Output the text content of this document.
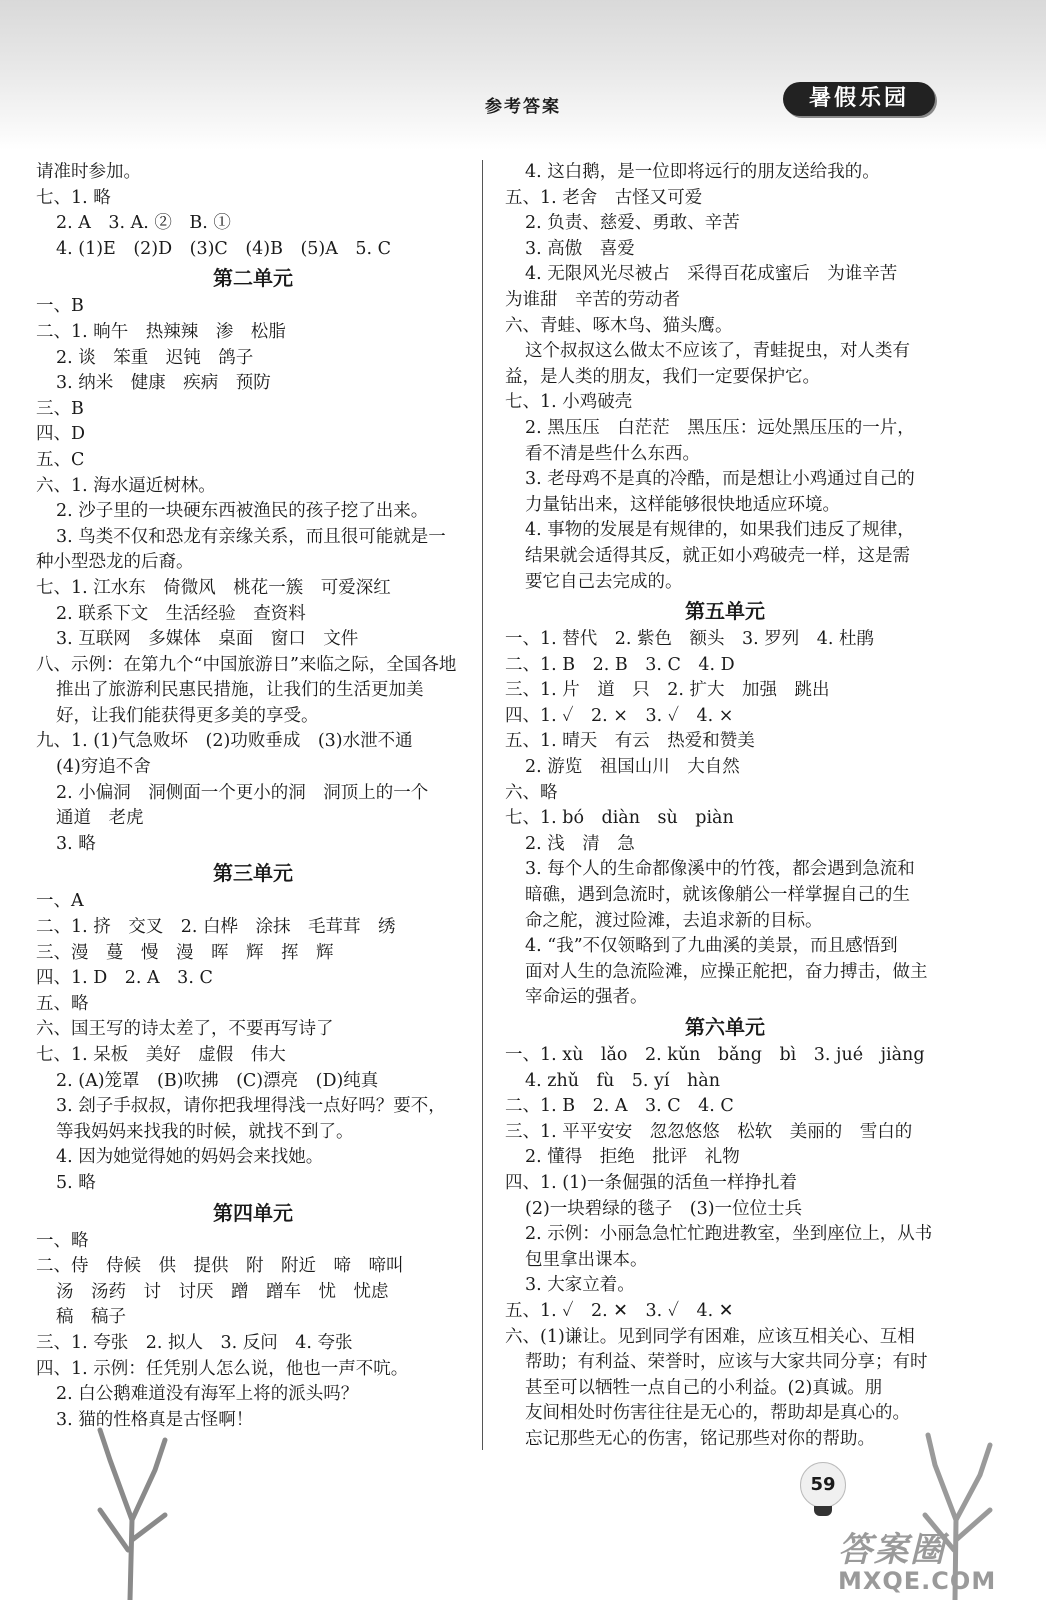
参考答案	暑假乐园
请准时参加。
七、1. 略
2. A　3. A. ②　B. ①
4. (1)E　(2)D　(3)C　(4)B　(5)A　5. C
第二单元
一、B
二、1. 晌午　热辣辣　渗　松脂
2. 谈　笨重　迟钝　鸽子
3. 纳米　健康　疾病　预防
三、B
四、D
五、C
六、1. 海水逼近树林。
2. 沙子里的一块硬东西被渔民的孩子挖了出来。
3. 鸟类不仅和恐龙有亲缘关系，而且很可能就是一
种小型恐龙的后裔。
七、1. 江水东　倚微风　桃花一簇　可爱深红
2. 联系下文　生活经验　查资料
3. 互联网　多媒体　桌面　窗口　文件
八、示例：在第九个“中国旅游日”来临之际，全国各地
推出了旅游利民惠民措施，让我们的生活更加美
好，让我们能获得更多美的享受。
九、1. (1)气急败坏　(2)功败垂成　(3)水泄不通
(4)穷追不舍
2. 小偏洞　洞侧面一个更小的洞　洞顶上的一个
通道　老虎
3. 略
第三单元
一、A
二、1. 挤　交叉　2. 白桦　涂抹　毛茸茸　绣
三、漫　蔓　慢　漫　晖　辉　挥　辉
四、1. D　2. A　3. C
五、略
六、国王写的诗太差了，不要再写诗了
七、1. 呆板　美好　虚假　伟大
2. (A)笼罩　(B)吹拂　(C)漂亮　(D)纯真
3. 刽子手叔叔，请你把我埋得浅一点好吗？要不，
等我妈妈来找我的时候，就找不到了。
4. 因为她觉得她的妈妈会来找她。
5. 略
第四单元
一、略
二、侍　侍候　供　提供　附　附近　啼　啼叫
汤　汤药　讨　讨厌　蹭　蹭车　忧　忧虑
稿　稿子
三、1. 夸张　2. 拟人　3. 反问　4. 夸张
四、1. 示例：任凭别人怎么说，他也一声不吭。
2. 白公鹅难道没有海军上将的派头吗？
3. 猫的性格真是古怪啊！
4. 这白鹅，是一位即将远行的朋友送给我的。
五、1. 老舍　古怪又可爱
2. 负责、慈爱、勇敢、辛苦
3. 高傲　喜爱
4. 无限风光尽被占　采得百花成蜜后　为谁辛苦
为谁甜　辛苦的劳动者
六、青蛙、啄木鸟、猫头鹰。
这个叔叔这么做太不应该了，青蛙捉虫，对人类有
益，是人类的朋友，我们一定要保护它。
七、1. 小鸡破壳
2. 黑压压　白茫茫　黑压压：远处黑压压的一片，
看不清是些什么东西。
3. 老母鸡不是真的冷酷，而是想让小鸡通过自己的
力量钻出来，这样能够很快地适应环境。
4. 事物的发展是有规律的，如果我们违反了规律，
结果就会适得其反，就正如小鸡破壳一样，这是需
要它自己去完成的。
第五单元
一、1. 替代　2. 紫色　额头　3. 罗列　4. 杜鹃
二、1. B　2. B　3. C　4. D
三、1. 片　道　只　2. 扩大　加强　跳出
四、1. ✓　2. ×　3. ✓　4. ×
五、1. 晴天　有云　热爱和赞美
2. 游览　祖国山川　大自然
六、略
七、1. bó　diàn　sù　piàn
2. 浅　清　急
3. 每个人的生命都像溪中的竹筏，都会遇到急流和
暗礁，遇到急流时，就该像艄公一样掌握自己的生
命之舵，渡过险滩，去追求新的目标。
4. “我”不仅领略到了九曲溪的美景，而且感悟到
面对人生的急流险滩，应操正舵把，奋力搏击，做主
宰命运的强者。
第六单元
一、1. xù　lǎo　2. kǔn　bǎng　bì　3. jué　jiàng
4. zhǔ　fù　5. yí　hàn
二、1. B　2. A　3. C　4. C
三、1. 平平安安　忽忽悠悠　松软　美丽的　雪白的
2. 懂得　拒绝　批评　礼物
四、1. (1)一条倔强的活鱼一样挣扎着
(2)一块碧绿的毯子　(3)一位位士兵
2. 示例：小丽急急忙忙跑进教室，坐到座位上，从书
包里拿出课本。
3. 大家立着。
五、1. ✓　2. ✕　3. ✓　4. ✕
六、(1)谦让。见到同学有困难，应该互相关心、互相
帮助；有利益、荣誉时，应该与大家共同分享；有时
甚至可以牺牲一点自己的小利益。(2)真诚。朋
友间相处时伤害往往是无心的，帮助却是真心的。
忘记那些无心的伤害，铭记那些对你的帮助。
59
答案圈
MXQE.COM
